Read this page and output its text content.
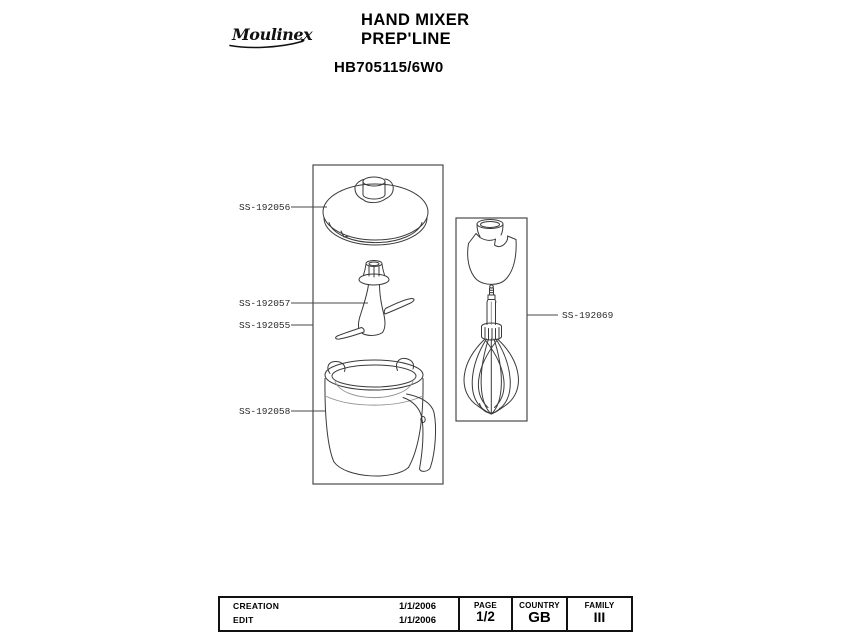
Moulinex
HAND MIXER
PREP'LINE
HB705115/6W0
SS-192056
SS-192057
SS-192055
SS-192058
SS-192069
CREATION	1/1/2006
EDIT	1/1/2006
PAGE
1/2
COUNTRY
GB
FAMILY
III
